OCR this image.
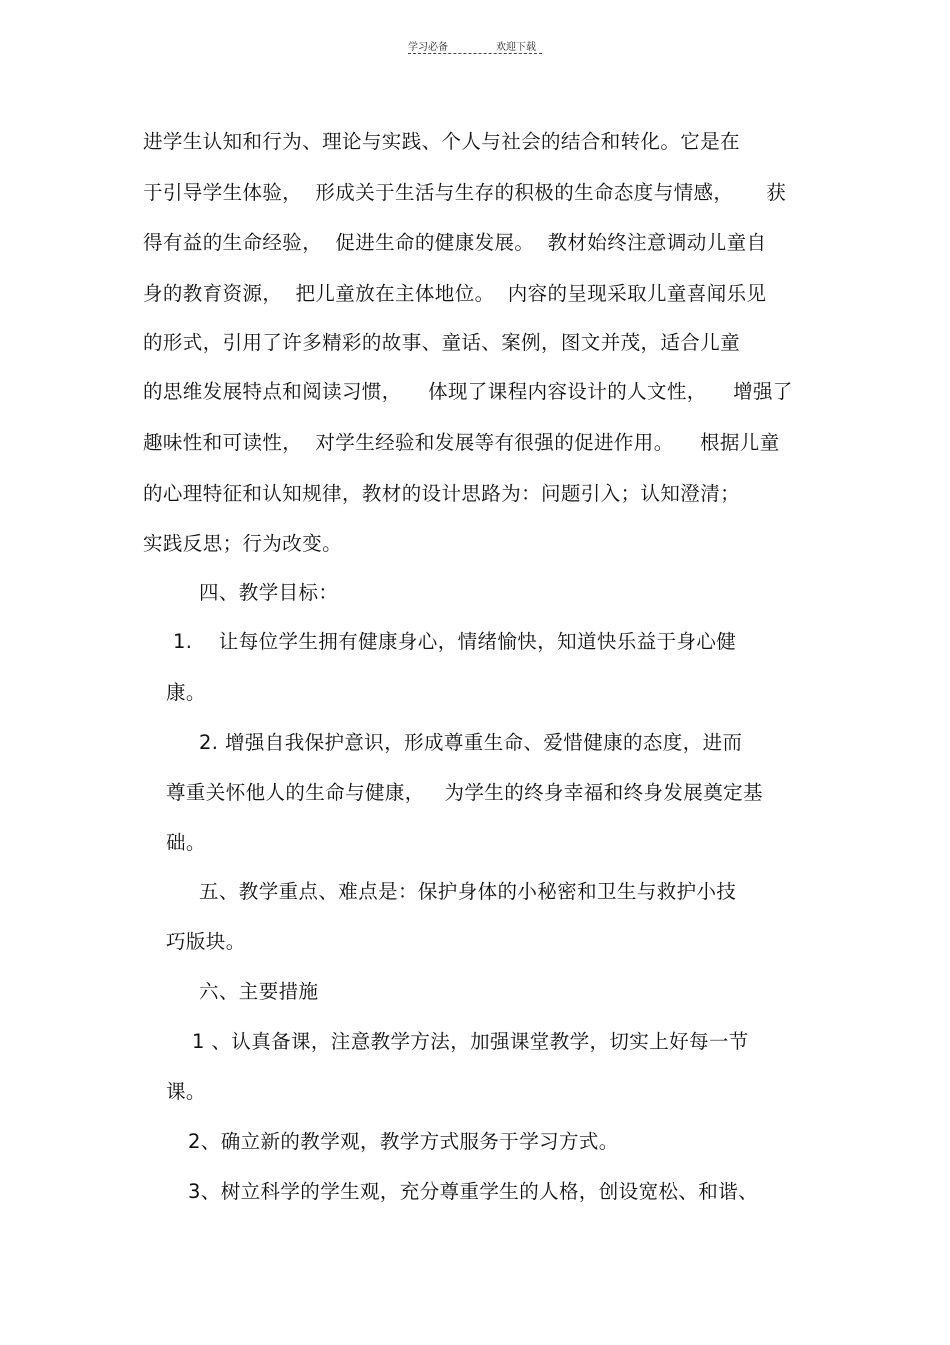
学习必备	欢迎下载
进学生认知和行为、理论与实践、个人与社会的结合和转化。它是在
于引导学生体验，  形成关于生活与生存的积极的生命态度与情感，     获
得有益的生命经验，  促进生命的健康发展。  教材始终注意调动儿童自
身的教育资源，  把儿童放在主体地位。  内容的呈现采取儿童喜闻乐见
的形式，引用了许多精彩的故事、童话、案例，图文并茂，适合儿童
的思维发展特点和阅读习惯，    体现了课程内容设计的人文性，    增强了
趣味性和可读性，  对学生经验和发展等有很强的促进作用。    根据儿童
的心理特征和认知规律，教材的设计思路为：问题引入；认知澄清；
实践反思；行为改变。
四、教学目标：
1.    让每位学生拥有健康身心，情绪愉快，知道快乐益于身心健
康。
2. 增强自我保护意识，形成尊重生命、爱惜健康的态度，进而
尊重关怀他人的生命与健康，   为学生的终身幸福和终身发展奠定基
础。
五、教学重点、难点是：保护身体的小秘密和卫生与救护小技
巧版块。
六、主要措施
1 、认真备课，注意教学方法，加强课堂教学，切实上好每一节
课。
2、确立新的教学观，教学方式服务于学习方式。
3、树立科学的学生观，充分尊重学生的人格，创设宽松、和谐、
